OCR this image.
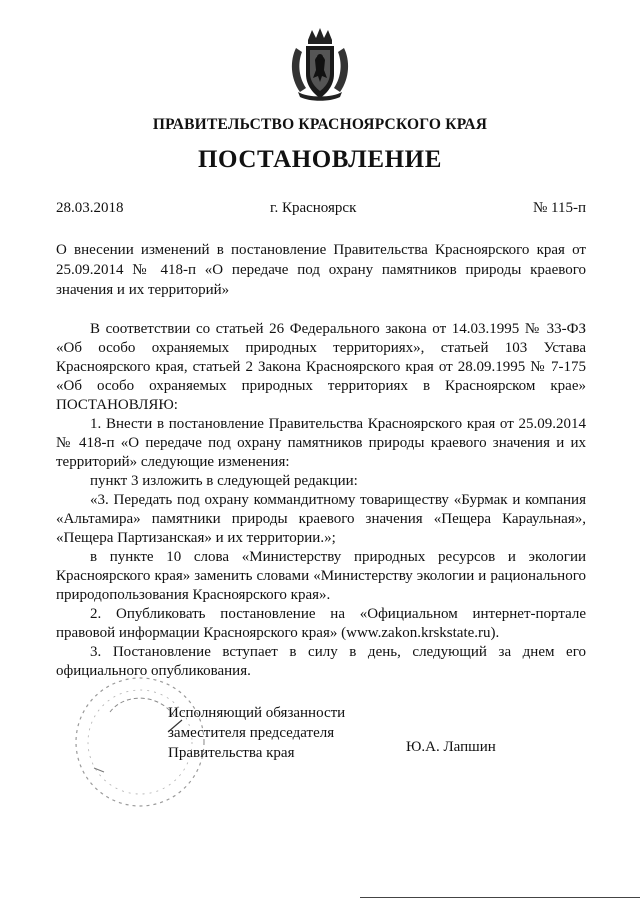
ПРАВИТЕЛЬСТВО КРАСНОЯРСКОГО КРАЯ
ПОСТАНОВЛЕНИЕ
28.03.2018	г. Красноярск	№ 115-п
О внесении изменений в постановление Правительства Красноярского края от 25.09.2014 № 418-п «О передаче под охрану памятников природы краевого значения и их территорий»

В соответствии со статьей 26 Федерального закона от 14.03.1995 № 33-ФЗ «Об особо охраняемых природных территориях», статьей 103 Устава Красноярского края, статьей 2 Закона Красноярского края от 28.09.1995 № 7-175 «Об особо охраняемых природных территориях в Красноярском крае» ПОСТАНОВЛЯЮ:

1. Внести в постановление Правительства Красноярского края от 25.09.2014 № 418-п «О передаче под охрану памятников природы краевого значения и их территорий» следующие изменения:

пункт 3 изложить в следующей редакции:

«3. Передать под охрану коммандитному товариществу «Бурмак и компания «Альтамира» памятники природы краевого значения «Пещера Караульная», «Пещера Партизанская» и их территории.»;

в пункте 10 слова «Министерству природных ресурсов и экологии Красноярского края» заменить словами «Министерству экологии и рационального природопользования Красноярского края».

2. Опубликовать постановление на «Официальном интернет-портале правовой информации Красноярского края» (www.zakon.krskstate.ru).

3. Постановление вступает в силу в день, следующий за днем его официального опубликования.

Исполняющий обязанности
заместителя председателя
Правительства края	Ю.А. Лапшин
